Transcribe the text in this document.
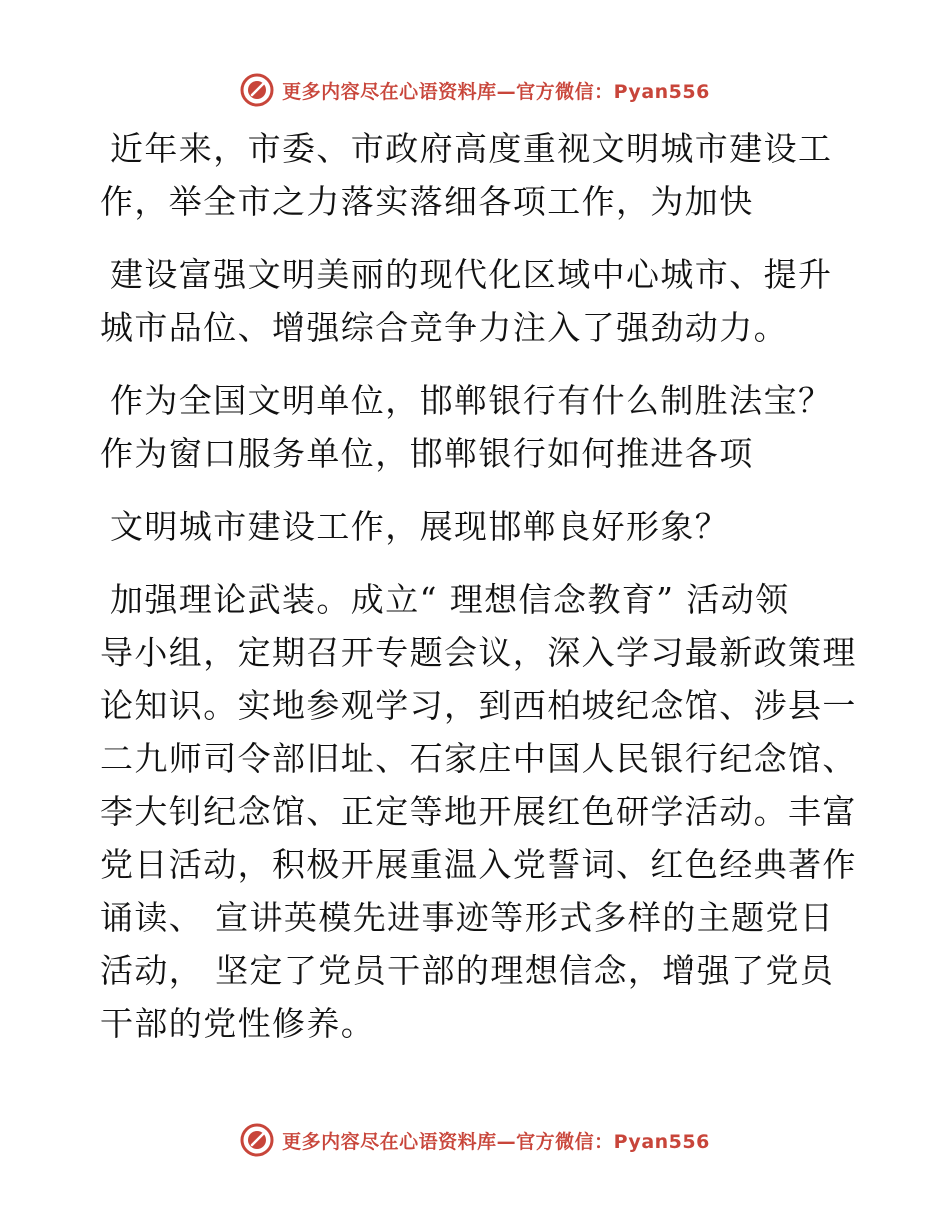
更多内容尽在心语资料库—官方微信：Pyan556
近年来，市委、市政府高度重视文明城市建设工
作，举全市之力落实落细各项工作，为加快
建设富强文明美丽的现代化区域中心城市、提升
城市品位、增强综合竞争力注入了强劲动力。
作为全国文明单位，邯郸银行有什么制胜法宝？
作为窗口服务单位，邯郸银行如何推进各项
文明城市建设工作，展现邯郸良好形象？
加强理论武装。成立“ 理想信念教育” 活动领
导小组，定期召开专题会议，深入学习最新政策理
论知识。实地参观学习，到西柏坡纪念馆、涉县一
二九师司令部旧址、石家庄中国人民银行纪念馆、
李大钊纪念馆、正定等地开展红色研学活动。丰富
党日活动，积极开展重温入党誓词、红色经典著作
诵读、 宣讲英模先进事迹等形式多样的主题党日
活动， 坚定了党员干部的理想信念，增强了党员
干部的党性修养。
更多内容尽在心语资料库—官方微信：Pyan556
